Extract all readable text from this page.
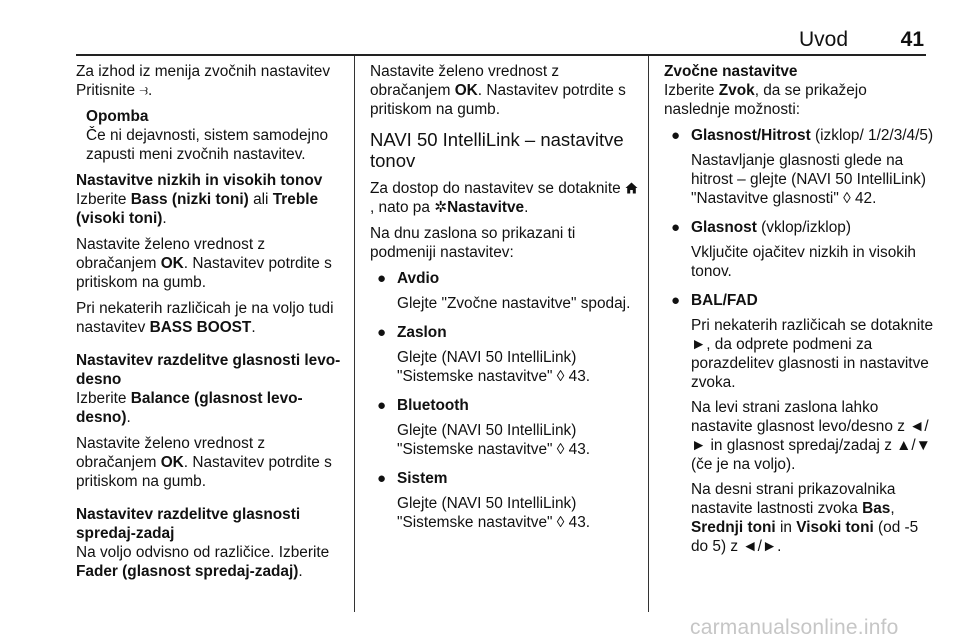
Uvod	41

Za izhod iz menija zvočnih nastavitev
Pritisnite ⥽.

Opomba

Če ni dejavnosti, sistem samodejno zapusti meni zvočnih nastavitev.

Nastavitve nizkih in visokih tonov

Izberite Bass (nizki toni) ali Treble (visoki toni).

Nastavite želeno vrednost z obračanjem OK. Nastavitev potrdite s pritiskom na gumb.

Pri nekaterih različicah je na voljo tudi nastavitev BASS BOOST.

Nastavitev razdelitve glasnosti levo-desno

Izberite Balance (glasnost levo-desno).

Nastavite želeno vrednost z obračanjem OK. Nastavitev potrdite s pritiskom na gumb.

Nastavitev razdelitve glasnosti spredaj-zadaj

Na voljo odvisno od različice. Izberite Fader (glasnost spredaj-zadaj).

Nastavite želeno vrednost z obračanjem OK. Nastavitev potrdite s pritiskom na gumb.

NAVI 50 IntelliLink – nastavitve tonov

Za dostop do nastavitev se dotaknite , nato pa ✲Nastavitve.

Na dnu zaslona so prikazani ti podmeniji nastavitev:

● Avdio

Glejte "Zvočne nastavitve" spodaj.

● Zaslon

Glejte (NAVI 50 IntelliLink) "Sistemske nastavitve" ◊ 43.

● Bluetooth

Glejte (NAVI 50 IntelliLink) "Sistemske nastavitve" ◊ 43.

● Sistem

Glejte (NAVI 50 IntelliLink) "Sistemske nastavitve" ◊ 43.

Zvočne nastavitve

Izberite Zvok, da se prikažejo naslednje možnosti:

● Glasnost/Hitrost (izklop/ 1/2/3/4/5)

Nastavljanje glasnosti glede na hitrost – glejte (NAVI 50 IntelliLink) "Nastavitve glasnosti" ◊ 42.

● Glasnost (vklop/izklop)

Vključite ojačitev nizkih in visokih tonov.

● BAL/FAD

Pri nekaterih različicah se dotaknite ►, da odprete podmeni za porazdelitev glasnosti in nastavitve zvoka.

Na levi strani zaslona lahko nastavite glasnost levo/desno z ◄/► in glasnost spredaj/zadaj z ▲/▼ (če je na voljo).

Na desni strani prikazovalnika nastavite lastnosti zvoka Bas, Srednji toni in Visoki toni (od -5 do 5) z ◄/►.

carmanualsonline.info
